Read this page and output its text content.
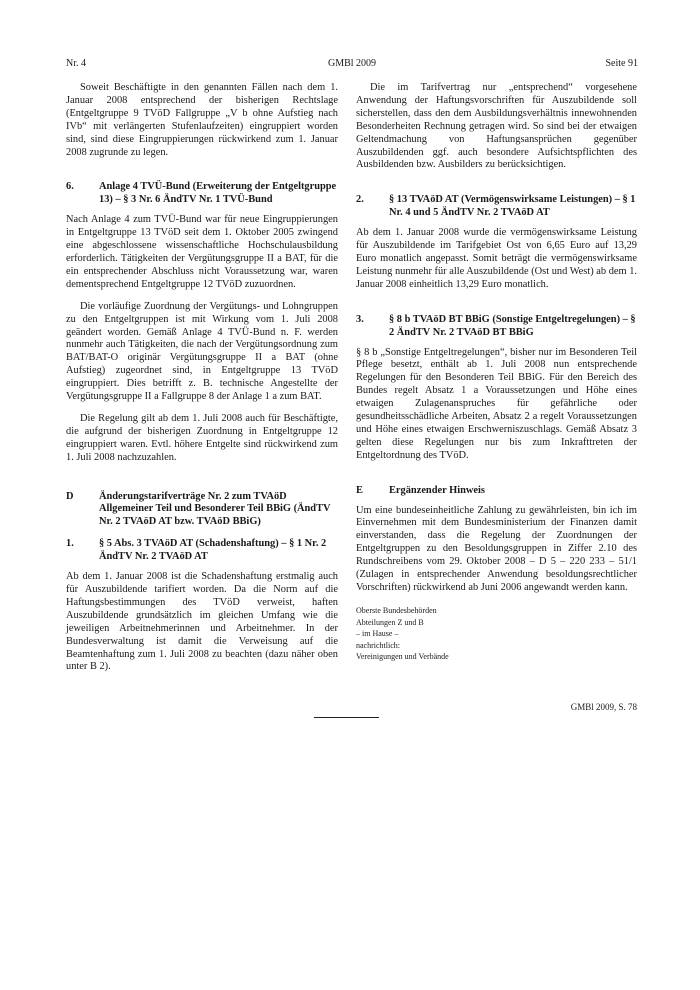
Nr. 4	GMBl 2009	Seite 91

Soweit Beschäftigte in den genannten Fällen nach dem 1. Januar 2008 entsprechend der bisherigen Rechtslage (Entgeltgruppe 9 TVöD Fallgruppe „V b ohne Aufstieg nach IVb“ mit verlängerten Stufenlaufzeiten) eingruppiert worden sind, sind diese Eingruppierungen rückwirkend zum 1. Januar 2008 zugrunde zu legen.

6.	Anlage 4 TVÜ-Bund (Erweiterung der Entgeltgruppe 13) – § 3 Nr. 6 ÄndTV Nr. 1 TVÜ-Bund

Nach Anlage 4 zum TVÜ-Bund war für neue Eingruppierungen in Entgeltgruppe 13 TVöD seit dem 1. Oktober 2005 zwingend eine abgeschlossene wissenschaftliche Hochschulausbildung erforderlich. Tätigkeiten der Vergütungsgruppe II a BAT, für die ein entsprechender Abschluss nicht Voraussetzung war, waren dementsprechend Entgeltgruppe 12 TVöD zuzuordnen.

Die vorläufige Zuordnung der Vergütungs- und Lohngruppen zu den Entgeltgruppen ist mit Wirkung vom 1. Juli 2008 geändert worden. Gemäß Anlage 4 TVÜ-Bund n. F. werden nunmehr auch Tätigkeiten, die nach der Vergütungsordnung zum BAT/BAT-O originär Vergütungsgruppe II a BAT (ohne Aufstieg) zugeordnet sind, in Entgeltgruppe 13 TVöD eingruppiert. Dies betrifft z. B. technische Angestellte der Vergütungsgruppe II a Fallgruppe 8 der Anlage 1 a zum BAT.

Die Regelung gilt ab dem 1. Juli 2008 auch für Beschäftigte, die aufgrund der bisherigen Zuordnung in Entgeltgruppe 12 eingruppiert waren. Evtl. höhere Entgelte sind rückwirkend zum 1. Juli 2008 nachzuzahlen.

D	Änderungstarifverträge Nr. 2 zum TVAöD Allgemeiner Teil und Besonderer Teil BBiG (ÄndTV Nr. 2 TVAöD AT bzw. TVAöD BBiG)
1.	§ 5 Abs. 3 TVAöD AT (Schadenshaftung) – § 1 Nr. 2 ÄndTV Nr. 2 TVAöD AT

Ab dem 1. Januar 2008 ist die Schadenshaftung erstmalig auch für Auszubildende tarifiert worden. Da die Norm auf die Haftungsbestimmungen des TVöD verweist, haften Auszubildende grundsätzlich im gleichen Umfang wie die jeweiligen Arbeitnehmerinnen und Arbeitnehmer. In der Bundesverwaltung ist damit die Verweisung auf die Beamtenhaftung zum 1. Juli 2008 zu beachten (dazu näher oben unter B 2).

Die im Tarifvertrag nur „entsprechend“ vorgesehene Anwendung der Haftungsvorschriften für Auszubildende soll sicherstellen, dass den dem Ausbildungsverhältnis innewohnenden Besonderheiten Rechnung getragen wird. So sind bei der etwaigen Geltendmachung von Haftungsansprüchen gegenüber Auszubildenden ggf. auch besondere Aufsichtspflichten des Ausbildenden bzw. Ausbilders zu berücksichtigen.

2.	§ 13 TVAöD AT (Vermögenswirksame Leistungen) – § 1 Nr. 4 und 5 ÄndTV Nr. 2 TVAöD AT

Ab dem 1. Januar 2008 wurde die vermögenswirksame Leistung für Auszubildende im Tarifgebiet Ost von 6,65 Euro auf 13,29 Euro monatlich angepasst. Somit beträgt die vermögenswirksame Leistung nunmehr für alle Auszubildende (Ost und West) ab dem 1. Januar 2008 einheitlich 13,29 Euro monatlich.

3.	§ 8 b TVAöD BT BBiG (Sonstige Entgeltregelungen) – § 2 ÄndTV Nr. 2 TVAöD BT BBiG

§ 8 b „Sonstige Entgeltregelungen“, bisher nur im Besonderen Teil Pflege besetzt, enthält ab 1. Juli 2008 nun entsprechende Regelungen für den Besonderen Teil BBiG. Für den Bereich des Bundes regelt Absatz 1 a Voraussetzungen und Höhe eines etwaigen Zulagenanspruches für gefährliche oder gesundheitsschädliche Arbeiten, Absatz 2 a regelt Voraussetzungen und Höhe eines etwaigen Erschwerniszuschlags. Gemäß Absatz 3 gelten diese Regelungen nur bis zum Inkrafttreten der Entgeltordnung des TVöD.

E	Ergänzender Hinweis

Um eine bundeseinheitliche Zahlung zu gewährleisten, bin ich im Einvernehmen mit dem Bundesministerium der Finanzen damit einverstanden, dass die Regelung der Zuordnungen der Entgeltgruppen zu den Besoldungsgruppen in Ziffer 2.10 des Rundschreibens vom 29. Oktober 2008 – D 5 – 220 233 – 51/1 (Zulagen in entsprechender Anwendung besoldungsrechtlicher Vorschriften) rückwirkend ab Juni 2006 angewandt werden kann.

Oberste Bundesbehörden
Abteilungen Z und B
– im Hause –
nachrichtlich:
Vereinigungen und Verbände
GMBl 2009, S. 78
